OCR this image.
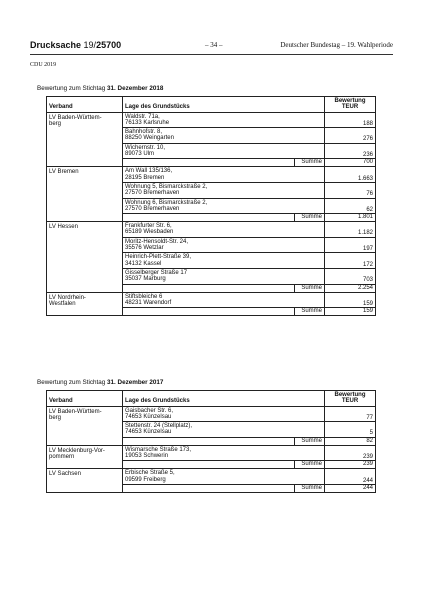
Drucksache 19/25700	– 34 –	Deutscher Bundestag – 19. Wahlperiode
CDU 2019
Bewertung zum Stichtag 31. Dezember 2018
Verband	Lage des Grundstücks		Bewertung
TEUR
LV Baden-Württem-
berg	Waldstr. 71a,
76133 Karlsruhe		188
	Bahnhofstr. 8,
88250 Weingarten		276
	Wichernstr. 10,
89073 Ulm		236
		Summe	700
LV Bremen	Am Wall 135/136,
28195 Bremen		1.663
	Wohnung 5, Bismarckstraße 2,
27570 Bremerhaven		76
	Wohnung 6, Bismarckstraße 2,
27570 Bremerhaven		62
		Summe	1.801
LV Hessen	Frankfurter Str. 6,
65189 Wiesbaden		1.182
	Moritz-Hensoldt-Str. 24,
35576 Wetzlar		197
	Heinrich-Plett-Straße 39,
34132 Kassel		172
	Gisselberger Straße 17
35037 Marburg		703
		Summe	2.254
LV Nordrhein-
Westfalen	Stiftsbleiche 6
48231 Warendorf		159
		Summe	159
Bewertung zum Stichtag 31. Dezember 2017
Verband	Lage des Grundstücks		Bewertung
TEUR
LV Baden-Württem-
berg	Gaisbacher Str. 6,
74653 Künzelsau		77
	Stettenstr. 24 (Stellplatz),
74653 Künzelsau		5
		Summe	82
LV Mecklenburg-Vor-
pommern	Wismarsche Straße 173,
19053 Schwerin		239
		Summe	239
LV Sachsen	Erbische Straße 5,
09599 Freiberg		244
		Summe	244
